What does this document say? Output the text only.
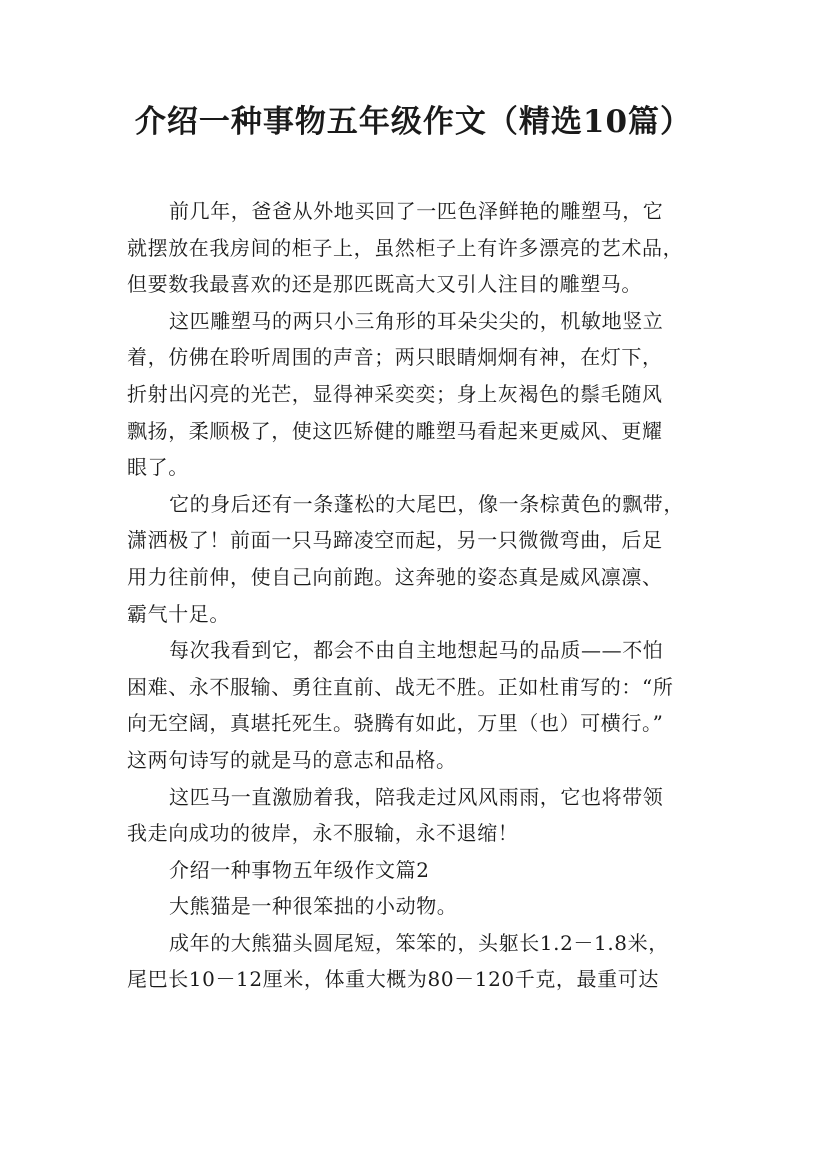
介绍一种事物五年级作文（精选10篇）
前几年，爸爸从外地买回了一匹色泽鲜艳的雕塑马，它
就摆放在我房间的柜子上，虽然柜子上有许多漂亮的艺术品，
但要数我最喜欢的还是那匹既高大又引人注目的雕塑马。
这匹雕塑马的两只小三角形的耳朵尖尖的，机敏地竖立
着，仿佛在聆听周围的声音；两只眼睛炯炯有神，在灯下，
折射出闪亮的光芒，显得神采奕奕；身上灰褐色的鬃毛随风
飘扬，柔顺极了，使这匹矫健的雕塑马看起来更威风、更耀
眼了。
它的身后还有一条蓬松的大尾巴，像一条棕黄色的飘带，
潇洒极了！前面一只马蹄凌空而起，另一只微微弯曲，后足
用力往前伸，使自己向前跑。这奔驰的姿态真是威风凛凛、
霸气十足。
每次我看到它，都会不由自主地想起马的品质——不怕
困难、永不服输、勇往直前、战无不胜。正如杜甫写的：“所
向无空阔，真堪托死生。骁腾有如此，万里（也）可横行。”
这两句诗写的就是马的意志和品格。
这匹马一直激励着我，陪我走过风风雨雨，它也将带领
我走向成功的彼岸，永不服输，永不退缩！
介绍一种事物五年级作文篇2
大熊猫是一种很笨拙的小动物。
成年的大熊猫头圆尾短，笨笨的，头躯长1.2－1.8米，
尾巴长10－12厘米，体重大概为80－120千克，最重可达
